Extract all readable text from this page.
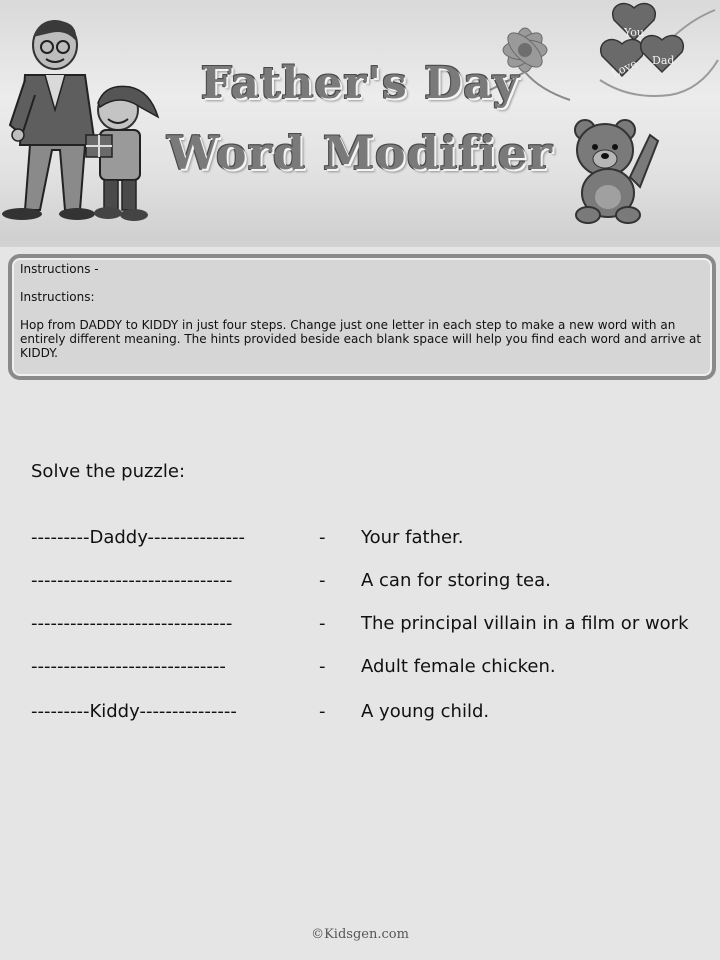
You
Love Dad
Father's Day
Word Modifier

Instructions -

Instructions:

Hop from DADDY to KIDDY in just four steps. Change just one letter in each step to make a new word with an entirely different meaning. The hints provided beside each blank space will help you find each word and arrive at KIDDY.

Solve the puzzle:
---------Daddy---------------	- Your father.
-------------------------------	- A can for storing tea.
-------------------------------	- The principal villain in a film or work
------------------------------	- Adult female chicken.
---------Kiddy---------------	- A young child.
©Kidsgen.com
